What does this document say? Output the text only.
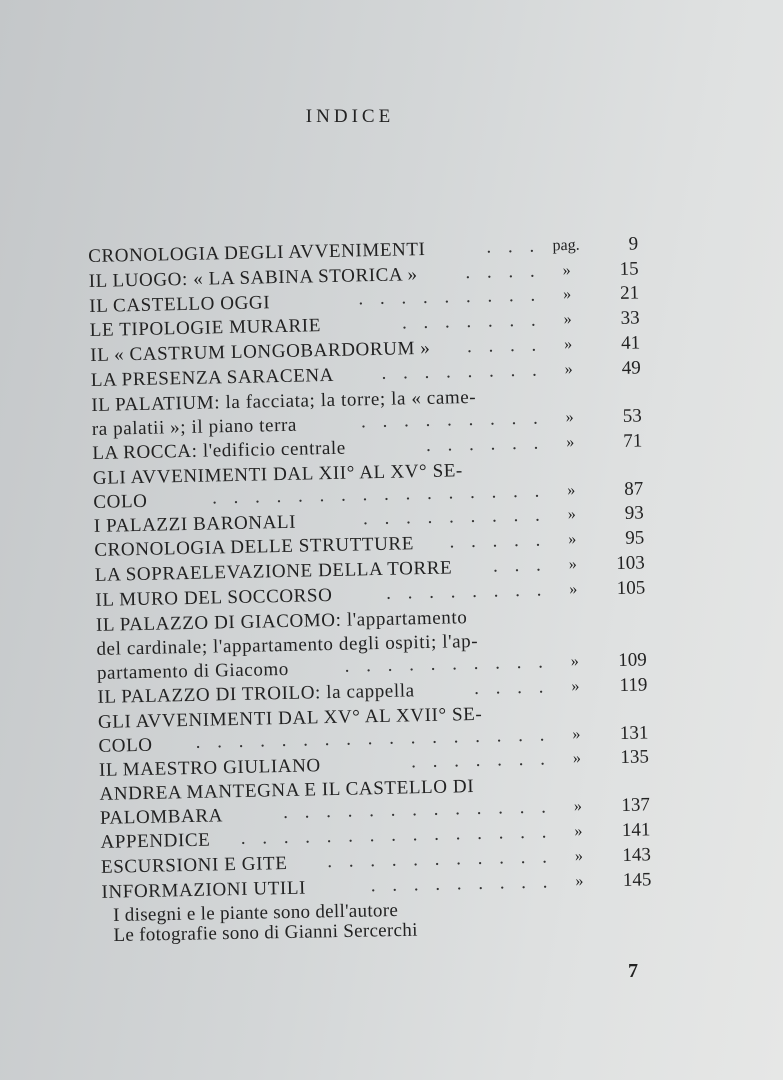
INDICE
CRONOLOGIA DEGLI AVVENIMENTI	. . . pag.	9
IL LUOGO: « LA SABINA STORICA »	. . . .	»	15
IL CASTELLO OGGI	. . . . . . . . .	»	21
LE TIPOLOGIE MURARIE	. . . . . . .	»	33
IL « CASTRUM LONGOBARDORUM »	. . . .	»	41
LA PRESENZA SARACENA	. . . . . . . .	»	49
IL PALATIUM: la facciata; la torre; la « came-
ra palatii »; il piano terra	. . . . . . . . .	»	53
LA ROCCA: l'edificio centrale	. . . . . .	»	71
GLI AVVENIMENTI DAL XII° AL XV° SE-
COLO	. . . . . . . . . . . . . . . .	»	87
I PALAZZI BARONALI	. . . . . . . . .	»	93
CRONOLOGIA DELLE STRUTTURE	. . . . .	»	95
LA SOPRAELEVAZIONE DELLA TORRE	. . .	»	103
IL MURO DEL SOCCORSO	. . . . . . . .	»	105
IL PALAZZO DI GIACOMO: l'appartamento
del cardinale; l'appartamento degli ospiti; l'ap-
partamento di Giacomo	. . . . . . . . . .	»	109
IL PALAZZO DI TROILO: la cappella	. . . .	»	119
GLI AVVENIMENTI DAL XV° AL XVII° SE-
COLO	. . . . . . . . . . . . . . . . .	»	131
IL MAESTRO GIULIANO	. . . . . . .	»	135
ANDREA MANTEGNA E IL CASTELLO DI
PALOMBARA	. . . . . . . . . . . . .	»	137
APPENDICE	. . . . . . . . . . . . . . .	»	141
ESCURSIONI E GITE	. . . . . . . . . . .	»	143
INFORMAZIONI UTILI	. . . . . . . . .	»	145
I disegni e le piante sono dell'autore
Le fotografie sono di Gianni Sercerchi
7
